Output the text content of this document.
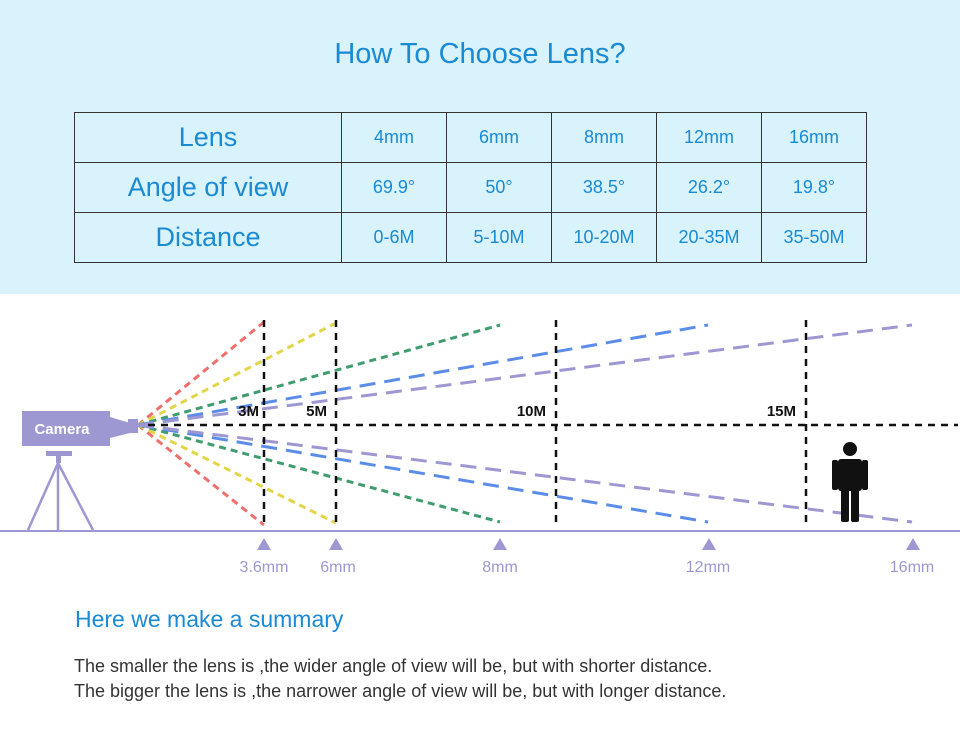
How To Choose Lens?
Lens	4mm	6mm	8mm	12mm	16mm
Angle of view	69.9°	50°	38.5°	26.2°	19.8°
Distance	0-6M	5-10M	10-20M	20-35M	35-50M
3M	5M	10M	15M
Camera
3.6mm 6mm	8mm	12mm	16mm
Here we make a summary
The smaller the lens is ,the wider angle of view will be, but with shorter distance.
The bigger the lens is ,the narrower angle of view will be, but with longer distance.
